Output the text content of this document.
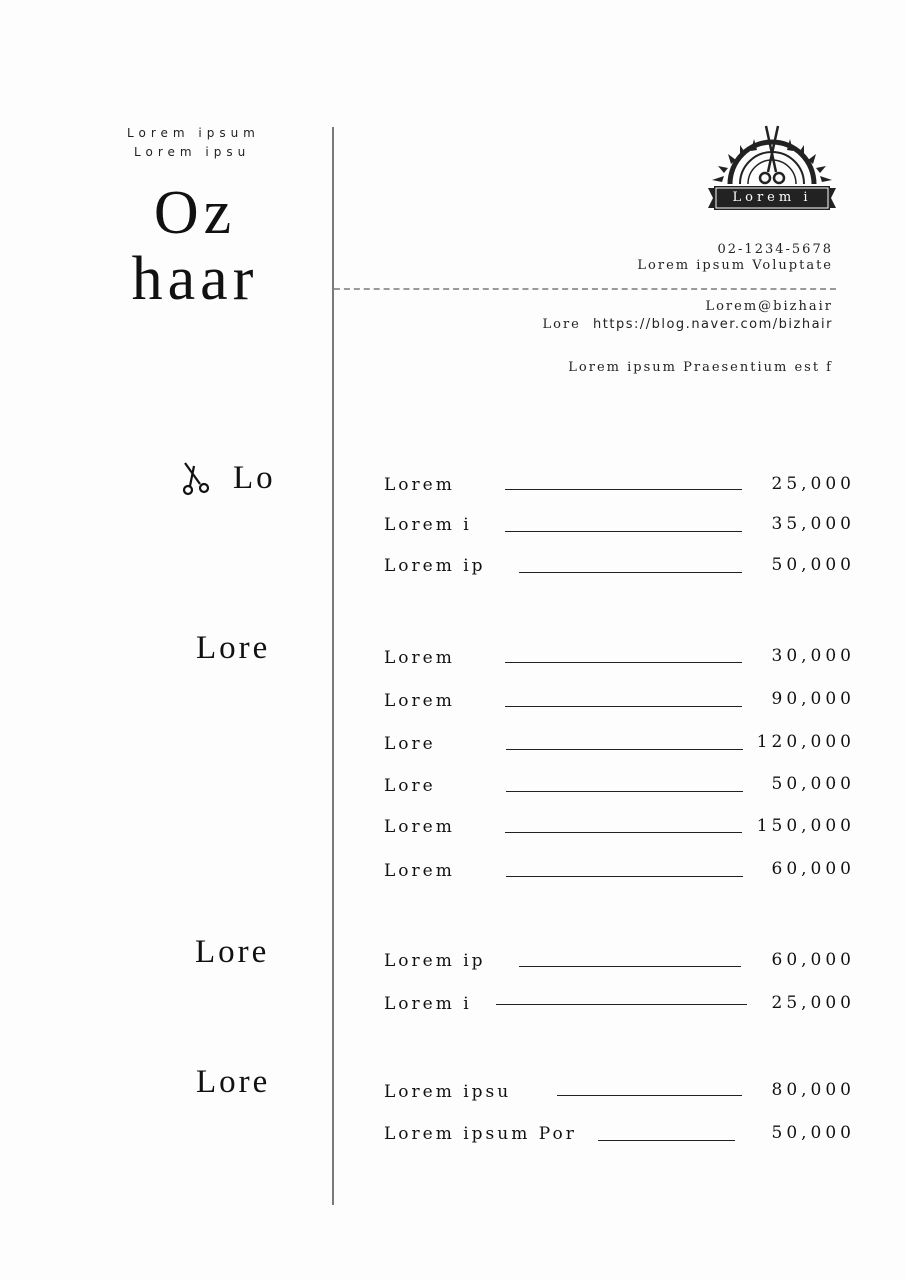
Lorem ipsum
Lorem ipsu
Oz
haar
Lorem i
02-1234-5678
Lorem ipsum Voluptate
Lorem@bizhair
Lore https://blog.naver.com/bizhair
Lorem ipsum Praesentium est f
Lo	Lorem	25,000
Lorem i	35,000
Lorem ip	50,000
Lore	Lorem	30,000
Lorem	90,000
Lore	120,000
Lore	50,000
Lorem	150,000
Lorem	60,000
Lore	Lorem ip	60,000
Lorem i	25,000
Lore	Lorem ipsu	80,000
Lorem ipsum Por	50,000
